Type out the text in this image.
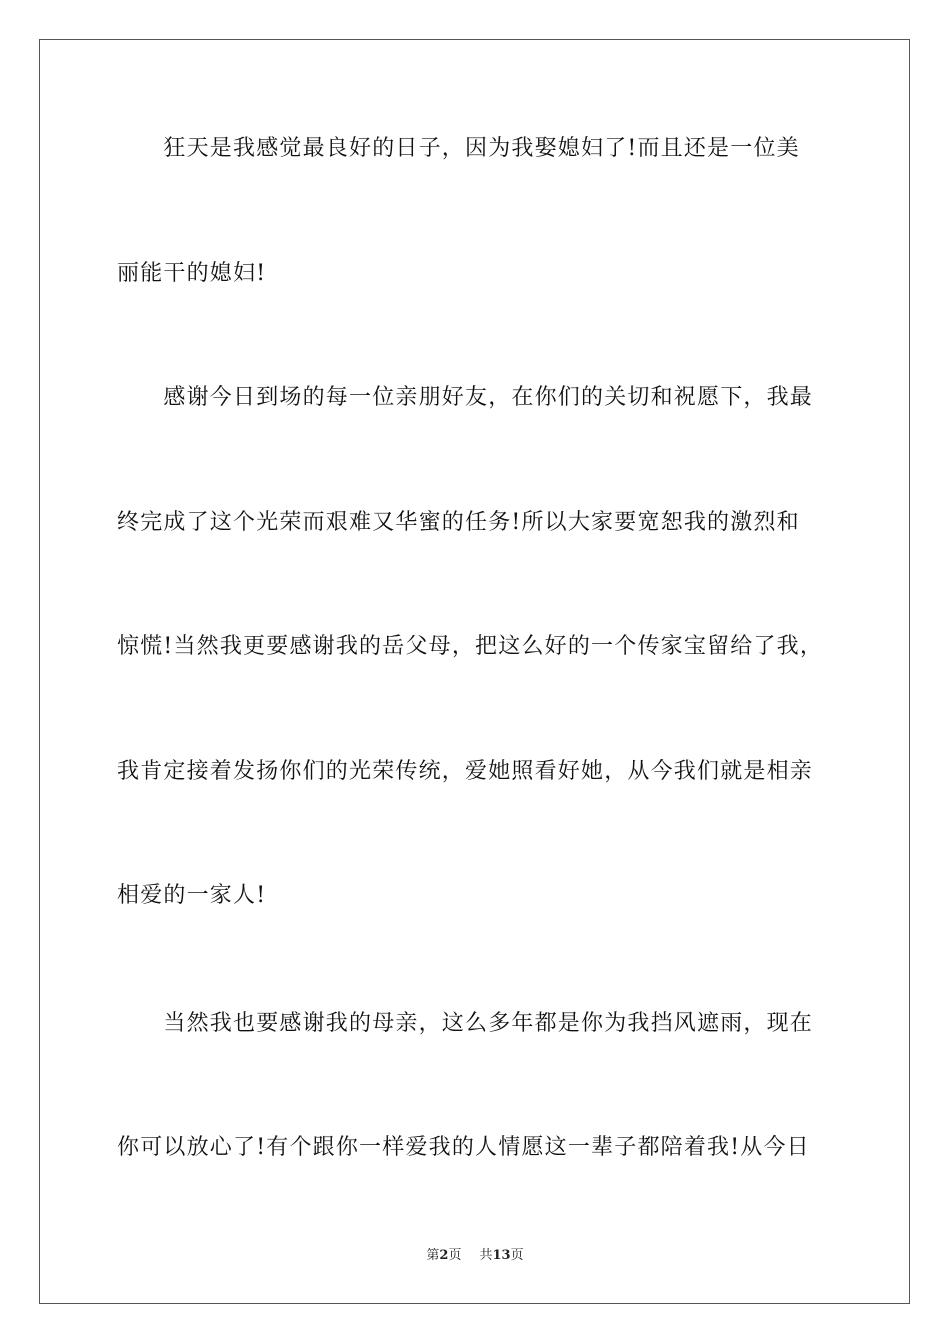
　　狂天是我感觉最良好的日子，因为我娶媳妇了!而且还是一位美
丽能干的媳妇!
　　感谢今日到场的每一位亲朋好友，在你们的关切和祝愿下，我最
终完成了这个光荣而艰难又华蜜的任务!所以大家要宽恕我的激烈和
惊慌!当然我更要感谢我的岳父母，把这么好的一个传家宝留给了我，
我肯定接着发扬你们的光荣传统，爱她照看好她，从今我们就是相亲
相爱的一家人!
　　当然我也要感谢我的母亲，这么多年都是你为我挡风遮雨，现在
你可以放心了!有个跟你一样爱我的人情愿这一辈子都陪着我!从今日
第2页 共13页
